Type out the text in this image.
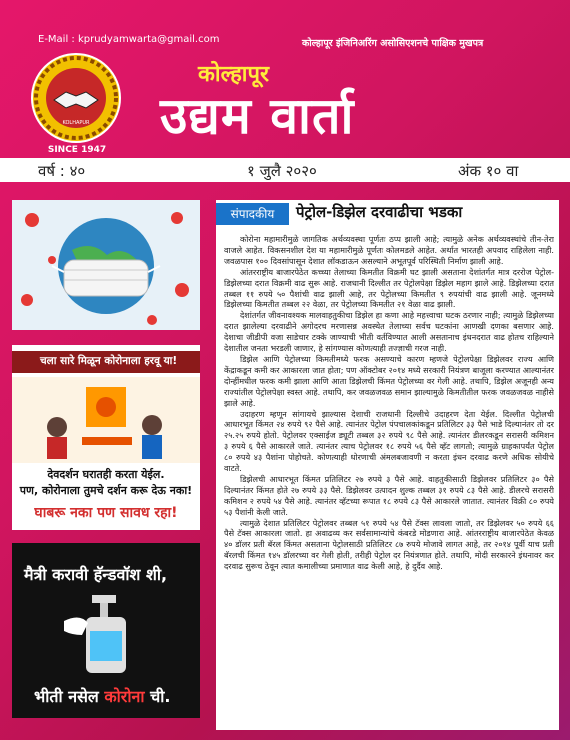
E-Mail : kprudyamwarta@gmail.com	कोल्हापूर इंजिनिअरिंग असोसिएशनचे पाक्षिक मुखपत्र
KOLHAPUR
SINCE 1947
कोल्हापूर
उद्यम वार्ता
वर्ष : ४०	१ जुलै २०२०	अंक १० वा
चला सारे मिळून कोरोनाला हरवू या!
देवदर्शन घरातही करता येईल.
पण, कोरोनाला तुमचे दर्शन करू देऊ नका!
घाबरू नका पण सावध रहा!
मैत्री करावी हॅन्डवॉश शी,
भीती नसेल कोरोना ची.
संपादकीय	पेट्रोल-डिझेल दरवाढीचा भडका

कोरोना महामारीमुळे जागतिक अर्थव्यवस्था पूर्णतः ठप्प झाली आहे; त्यामुळे अनेक अर्थव्यवस्थांचे तीन-तेरा वाजले आहेत. विकसनशील देश या महामारीमुळे पूर्णतः कोलमडले आहेत. अर्थात भारतही अपवाद राहिलेला नाही. जवळपास १०० दिवसांपासून देशात लॉकडाऊन असल्याने अभूतपूर्व परिस्थिती निर्माण झाली आहे.

आंतरराष्ट्रीय बाजारपेठेत कच्च्या तेलाच्या किमतीत विक्रमी घट झाली असताना देशांतर्गत मात्र दररोज पेट्रोल-डिझेलच्या दरात विक्रमी वाढ सुरू आहे. राजधानी दिल्लीत तर पेट्रोलपेक्षा डिझेल महाग झाले आहे. डिझेलच्या दरात तब्बल ११ रुपये ५० पैशांची वाढ झाली आहे, तर पेट्रोलच्या किमतीत ९ रुपयांची वाढ झाली आहे. जूनमध्ये डिझेलच्या किमतीत तब्बल २२ वेळा, तर पेट्रोलच्या किमतीत २१ वेळा वाढ झाली.

देशांतर्गत जीवनावश्यक मालवाहतुकीचा डिझेल हा कणा आहे महत्त्वाचा घटक ठरणार नाही; त्यामुळे डिझेलच्या दरात झालेल्या दरवाढीने अगोदरच मरणासन्न अवस्थेत तेलाच्या सर्वच घटकांना आणखी दणका बसणार आहे. देशाचा जीडीपी वजा साडेचार टक्के जाण्याची भीती वर्तविण्यात आली असतानाच इंधनदरात वाढ होतच राहिल्याने देशातील जनता भरडली जाणार, हे सांगण्यास कोणत्याही तज्ज्ञाची गरज नाही.

डिझेल आणि पेट्रोलच्या किमतीमध्ये फरक असण्याचे कारण म्हणजे पेट्रोलपेक्षा डिझेलवर राज्य आणि केंद्राकडून कमी कर आकारला जात होता; पण ऑक्टोबर २०१४ मध्ये सरकारी नियंत्रण बाजूला करण्यात आल्यानंतर दोन्हींमधील फरक कमी झाला आणि आता डिझेलची किंमत पेट्रोलच्या वर गेली आहे. तथापि, डिझेल अजूनही अन्य राज्यांतील पेट्रोलपेक्षा स्वस्त आहे. तथापि, कर जवळजवळ समान झाल्यामुळे किमतीतील फरक जवळजवळ नाहीसे झाले आहे.

उदाहरण म्हणून सांगायचे झाल्यास देशाची राजधानी दिल्लीचे उदाहरण देता येईल. दिल्लीत पेट्रोलची आधारभूत किंमत २४ रुपये ९२ पैसे आहे. त्यानंतर पेट्रोल पंपचालकांकडून प्रतिलिटर ३३ पैसे भाडे दिल्यानंतर तो दर २५.२५ रुपये होतो. पेट्रोलवर एक्साईज ड्यूटी तब्बल ३२ रुपये ९८ पैसे आहे. त्यानंतर डीलरकडून सरासरी कमिशन ३ रुपये ६ पैसे आकारले जाते. त्यानंतर त्याच पेट्रोलवर १८ रुपये ५६ पैसे व्हॅट लागतो; त्यामुळे ग्राहकापर्यंत पेट्रोल ८० रुपये ४३ पैशांना पोहोचते. कोणत्याही धोरणाची अंमलबजावणी न करता इंधन दरवाढ करणे अधिक सोयीचे वाटते.

डिझेलची आधारभूत किंमत प्रतिलिटर २७ रुपये ३ पैसे आहे. वाहतुकीसाठी डिझेलवर प्रतिलिटर ३० पैसे दिल्यानंतर किंमत होते २७ रुपये ३३ पैसे. डिझेलवर उत्पादन शुल्क तब्बल ३१ रुपये ८३ पैसे आहे. डीलरचे सरासरी कमिशन २ रुपये ५४ पैसे आहे. त्यानंतर व्हॅटच्या रूपात १८ रुपये ८३ पैसे आकारले जातात. त्यानंतर विक्री ८० रुपये ५३ पैशांनी केली जाते.

त्यामुळे देशात प्रतिलिटर पेट्रोलवर तब्बल ५१ रुपये ५४ पैसे टॅक्स लावला जातो, तर डिझेलवर ५० रुपये ६६ पैसे टॅक्स आकारला जातो. हा अवाढव्य कर सर्वसामान्यांचे कंबरडे मोडणारा आहे. आंतरराष्ट्रीय बाजारपेठेत केवळ ४० डॉलर प्रती बॅरल किंमत असताना पेट्रोलसाठी प्रतिलिटर ८७ रुपये मोजावे लागत आहे, तर २०१४ पूर्वी याच प्रती बॅरलची किंमत १४५ डॉलरच्या वर गेली होती, तरीही पेट्रोल दर नियंत्रणात होते. तथापि, मोदी सरकारने इंधनावर कर दरवाढ सुरूच ठेवून त्यात कमालीच्या प्रमाणात वाढ केली आहे, हे दुर्दैव आहे.
